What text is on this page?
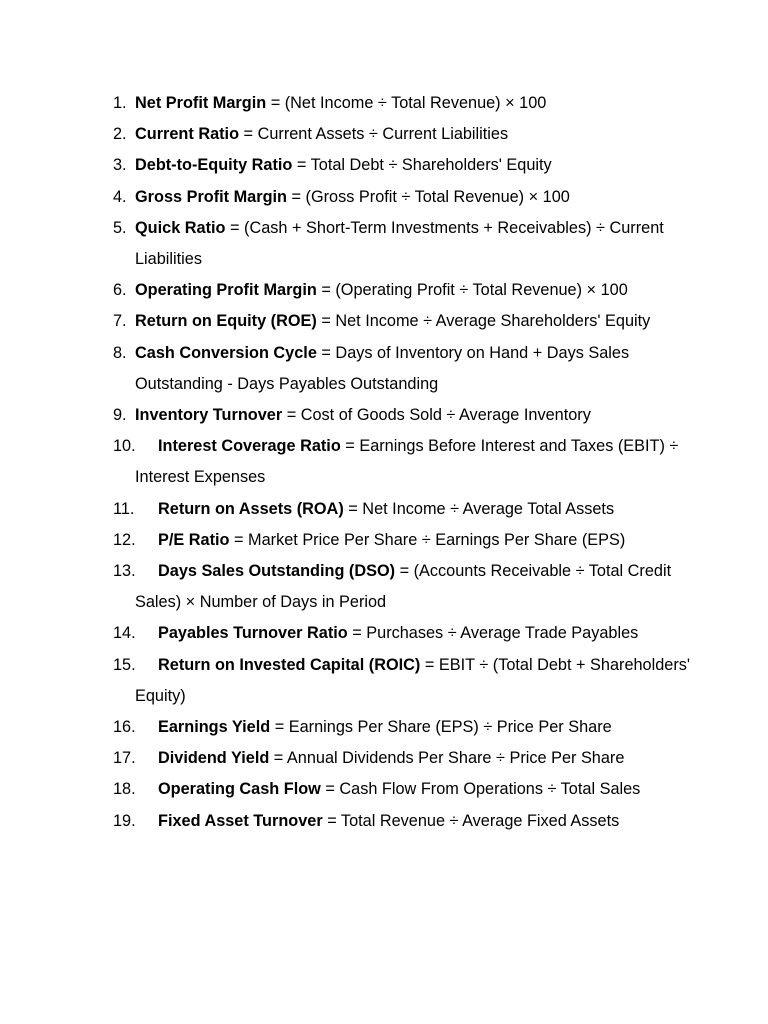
1. Net Profit Margin = (Net Income ÷ Total Revenue) × 100
2. Current Ratio = Current Assets ÷ Current Liabilities
3. Debt-to-Equity Ratio = Total Debt ÷ Shareholders' Equity
4. Gross Profit Margin = (Gross Profit ÷ Total Revenue) × 100
5. Quick Ratio = (Cash + Short-Term Investments + Receivables) ÷ Current Liabilities
6. Operating Profit Margin = (Operating Profit ÷ Total Revenue) × 100
7. Return on Equity (ROE) = Net Income ÷ Average Shareholders' Equity
8. Cash Conversion Cycle = Days of Inventory on Hand + Days Sales Outstanding - Days Payables Outstanding
9. Inventory Turnover = Cost of Goods Sold ÷ Average Inventory
10. Interest Coverage Ratio = Earnings Before Interest and Taxes (EBIT) ÷ Interest Expenses
11. Return on Assets (ROA) = Net Income ÷ Average Total Assets
12. P/E Ratio = Market Price Per Share ÷ Earnings Per Share (EPS)
13. Days Sales Outstanding (DSO) = (Accounts Receivable ÷ Total Credit Sales) × Number of Days in Period
14. Payables Turnover Ratio = Purchases ÷ Average Trade Payables
15. Return on Invested Capital (ROIC) = EBIT ÷ (Total Debt + Shareholders' Equity)
16. Earnings Yield = Earnings Per Share (EPS) ÷ Price Per Share
17. Dividend Yield = Annual Dividends Per Share ÷ Price Per Share
18. Operating Cash Flow = Cash Flow From Operations ÷ Total Sales
19. Fixed Asset Turnover = Total Revenue ÷ Average Fixed Assets
